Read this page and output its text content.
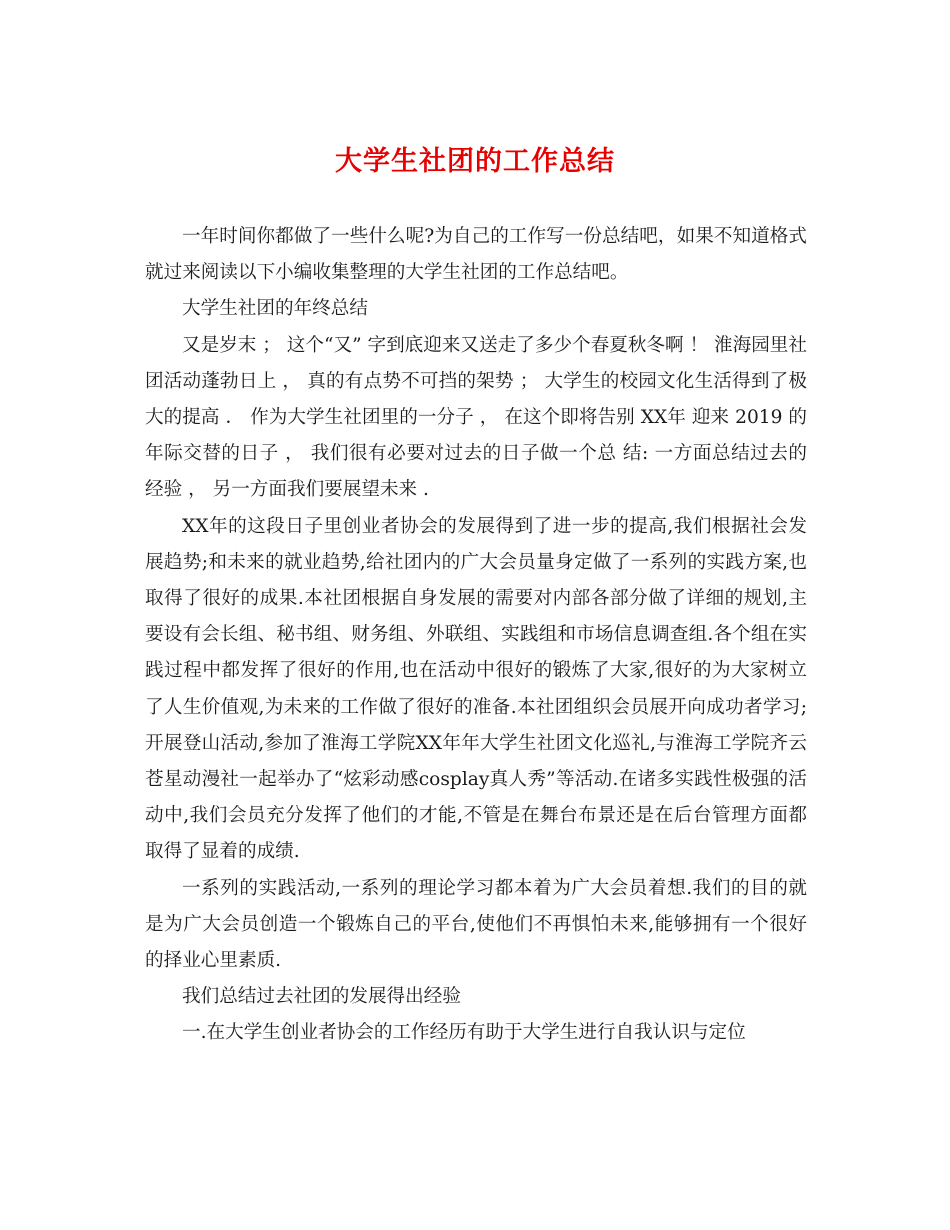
大学生社团的工作总结

一年时间你都做了一些什么呢?为自己的工作写一份总结吧，如果不知道格式就过来阅读以下小编收集整理的大学生社团的工作总结吧。

大学生社团的年终总结

又是岁末 ； 这个“又” 字到底迎来又送走了多少个春夏秋冬啊 ！ 淮海园里社团活动蓬勃日上 ， 真的有点势不可挡的架势 ； 大学生的校园文化生活得到了极大的提高 ． 作为大学生社团里的一分子 ， 在这个即将告别 XX年 迎来 2019 的年际交替的日子 ， 我们很有必要对过去的日子做一个总 结: 一方面总结过去的经验 ， 另一方面我们要展望未来 .

XX年的这段日子里创业者协会的发展得到了进一步的提高,我们根据社会发展趋势;和未来的就业趋势,给社团内的广大会员量身定做了一系列的实践方案,也取得了很好的成果.本社团根据自身发展的需要对内部各部分做了详细的规划,主要设有会长组、秘书组、财务组、外联组、实践组和市场信息调查组.各个组在实践过程中都发挥了很好的作用,也在活动中很好的锻炼了大家,很好的为大家树立了人生价值观,为未来的工作做了很好的准备.本社团组织会员展开向成功者学习;开展登山活动,参加了淮海工学院XX年年大学生社团文化巡礼,与淮海工学院齐云苍星动漫社一起举办了“炫彩动感cosplay真人秀”等活动.在诸多实践性极强的活动中,我们会员充分发挥了他们的才能,不管是在舞台布景还是在后台管理方面都取得了显着的成绩.

一系列的实践活动,一系列的理论学习都本着为广大会员着想.我们的目的就是为广大会员创造一个锻炼自己的平台,使他们不再惧怕未来,能够拥有一个很好的择业心里素质.

我们总结过去社团的发展得出经验

一.在大学生创业者协会的工作经历有助于大学生进行自我认识与定位
